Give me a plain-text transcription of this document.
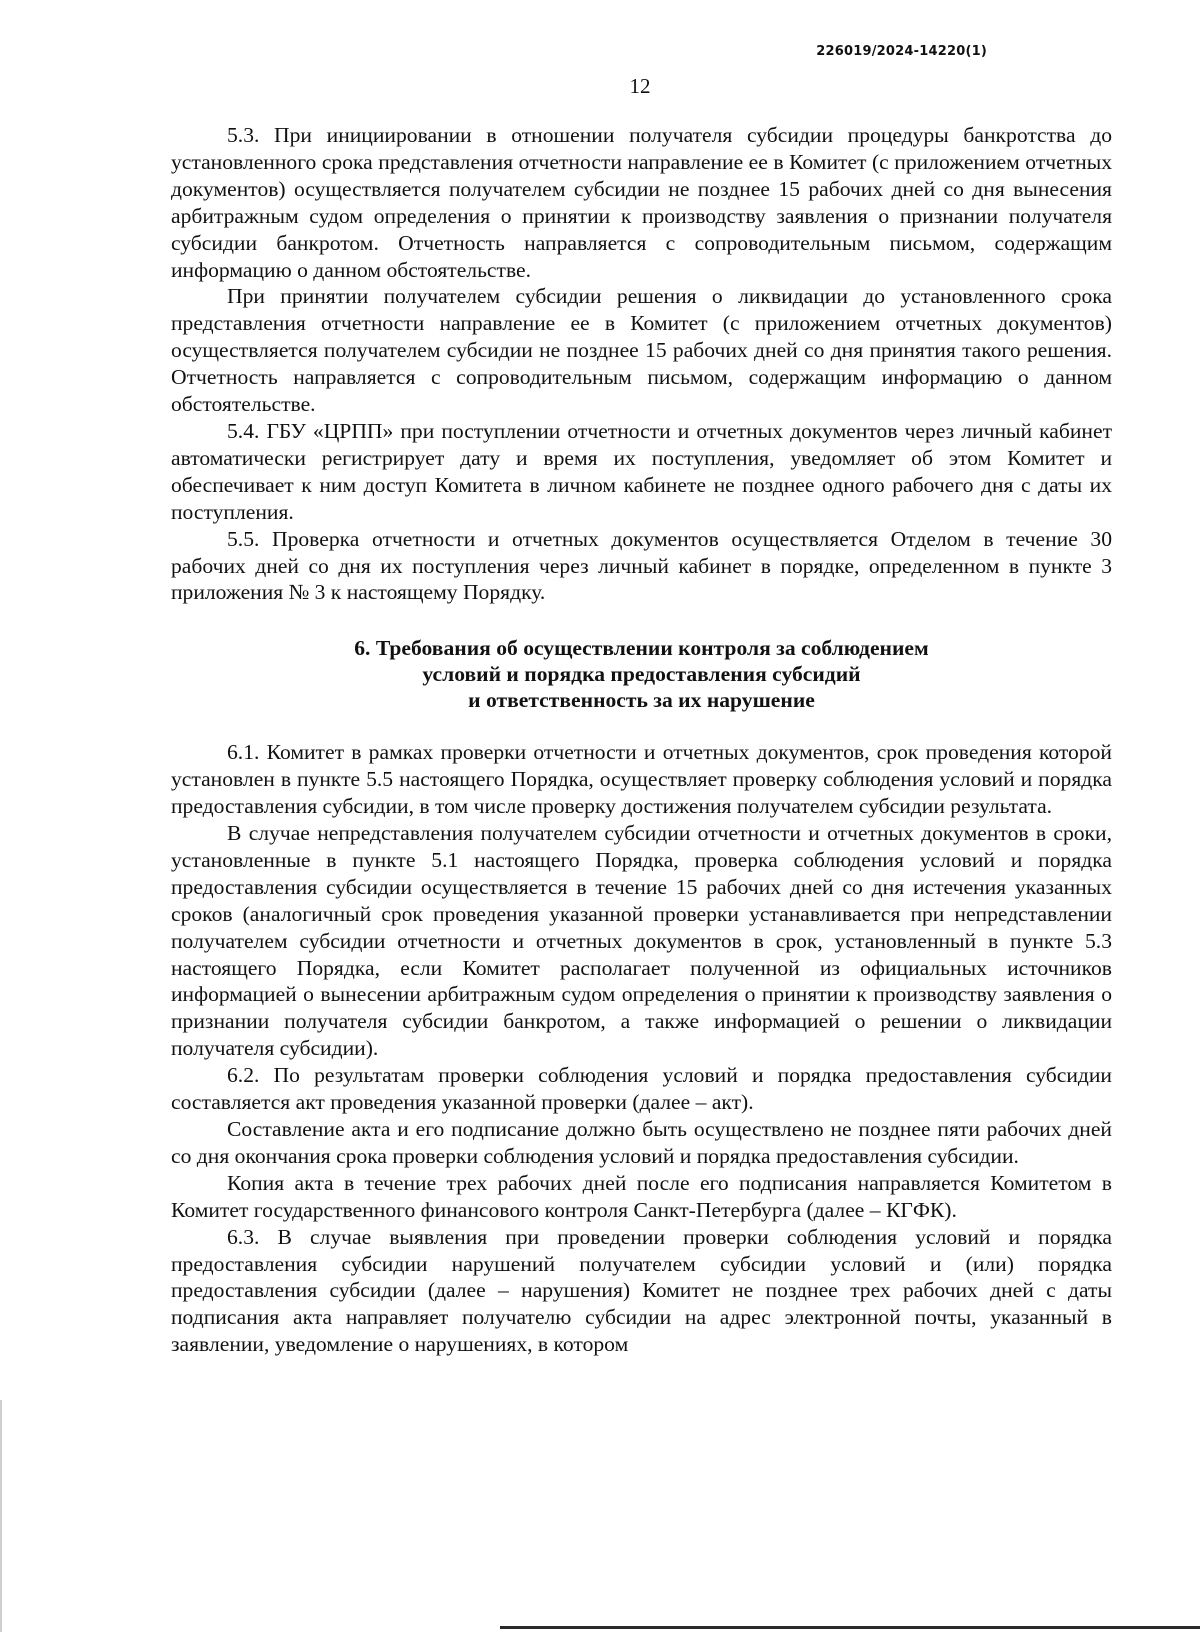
226019/2024-14220(1)
12

5.3. При инициировании в отношении получателя субсидии процедуры банкротства до установленного срока представления отчетности направление ее в Комитет (с приложением отчетных документов) осуществляется получателем субсидии не позднее 15 рабочих дней со дня вынесения арбитражным судом определения о принятии к производству заявления о признании получателя субсидии банкротом. Отчетность направляется с сопроводительным письмом, содержащим информацию о данном обстоятельстве.

При принятии получателем субсидии решения о ликвидации до установленного срока представления отчетности направление ее в Комитет (с приложением отчетных документов) осуществляется получателем субсидии не позднее 15 рабочих дней со дня принятия такого решения. Отчетность направляется с сопроводительным письмом, содержащим информацию о данном обстоятельстве.

5.4. ГБУ «ЦРПП» при поступлении отчетности и отчетных документов через личный кабинет автоматически регистрирует дату и время их поступления, уведомляет об этом Комитет и обеспечивает к ним доступ Комитета в личном кабинете не позднее одного рабочего дня с даты их поступления.

5.5. Проверка отчетности и отчетных документов осуществляется Отделом в течение 30 рабочих дней со дня их поступления через личный кабинет в порядке, определенном в пункте 3 приложения № 3 к настоящему Порядку.

6. Требования об осуществлении контроля за соблюдением
условий и порядка предоставления субсидий
и ответственность за их нарушение

6.1. Комитет в рамках проверки отчетности и отчетных документов, срок проведения которой установлен в пункте 5.5 настоящего Порядка, осуществляет проверку соблюдения условий и порядка предоставления субсидии, в том числе проверку достижения получателем субсидии результата.

В случае непредставления получателем субсидии отчетности и отчетных документов в сроки, установленные в пункте 5.1 настоящего Порядка, проверка соблюдения условий и порядка предоставления субсидии осуществляется в течение 15 рабочих дней со дня истечения указанных сроков (аналогичный срок проведения указанной проверки устанавливается при непредставлении получателем субсидии отчетности и отчетных документов в срок, установленный в пункте 5.3 настоящего Порядка, если Комитет располагает полученной из официальных источников информацией о вынесении арбитражным судом определения о принятии к производству заявления о признании получателя субсидии банкротом, а также информацией о решении о ликвидации получателя субсидии).

6.2. По результатам проверки соблюдения условий и порядка предоставления субсидии составляется акт проведения указанной проверки (далее – акт).

Составление акта и его подписание должно быть осуществлено не позднее пяти рабочих дней со дня окончания срока проверки соблюдения условий и порядка предоставления субсидии.

Копия акта в течение трех рабочих дней после его подписания направляется Комитетом в Комитет государственного финансового контроля Санкт-Петербурга (далее – КГФК).

6.3. В случае выявления при проведении проверки соблюдения условий и порядка предоставления субсидии нарушений получателем субсидии условий и (или) порядка предоставления субсидии (далее – нарушения) Комитет не позднее трех рабочих дней с даты подписания акта направляет получателю субсидии на адрес электронной почты, указанный в заявлении, уведомление о нарушениях, в котором
